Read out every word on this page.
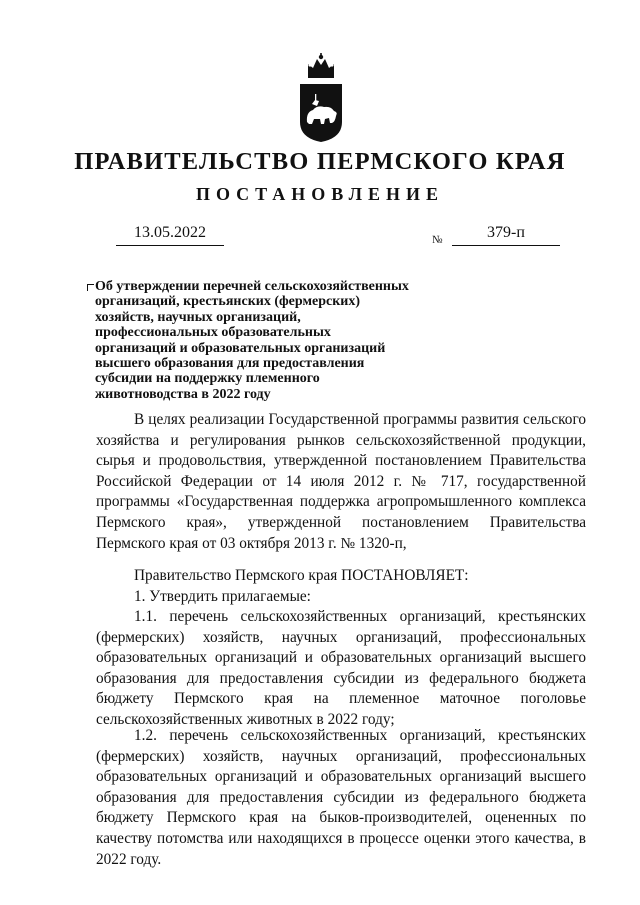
ПРАВИТЕЛЬСТВО ПЕРМСКОГО КРАЯ
ПОСТАНОВЛЕНИЕ
13.05.2022	№	379-п
Об утверждении перечней сельскохозяйственных
организаций, крестьянских (фермерских)
хозяйств, научных организаций,
профессиональных образовательных
организаций и образовательных организаций
высшего образования для предоставления
субсидии на поддержку племенного
животноводства в 2022 году
В целях реализации Государственной программы развития сельского хозяйства и регулирования рынков сельскохозяйственной продукции, сырья и продовольствия, утвержденной постановлением Правительства Российской Федерации от 14 июля 2012 г. № 717, государственной программы «Государственная поддержка агропромышленного комплекса Пермского края», утвержденной постановлением Правительства Пермского края от 03 октября 2013 г. № 1320-п,
Правительство Пермского края ПОСТАНОВЛЯЕТ:
1. Утвердить прилагаемые:
1.1. перечень сельскохозяйственных организаций, крестьянских (фермерских) хозяйств, научных организаций, профессиональных образовательных организаций и образовательных организаций высшего образования для предоставления субсидии из федерального бюджета бюджету Пермского края на племенное маточное поголовье сельскохозяйственных животных в 2022 году;
1.2. перечень сельскохозяйственных организаций, крестьянских (фермерских) хозяйств, научных организаций, профессиональных образовательных организаций и образовательных организаций высшего образования для предоставления субсидии из федерального бюджета бюджету Пермского края на быков-производителей, оцененных по качеству потомства или находящихся в процессе оценки этого качества, в 2022 году.
